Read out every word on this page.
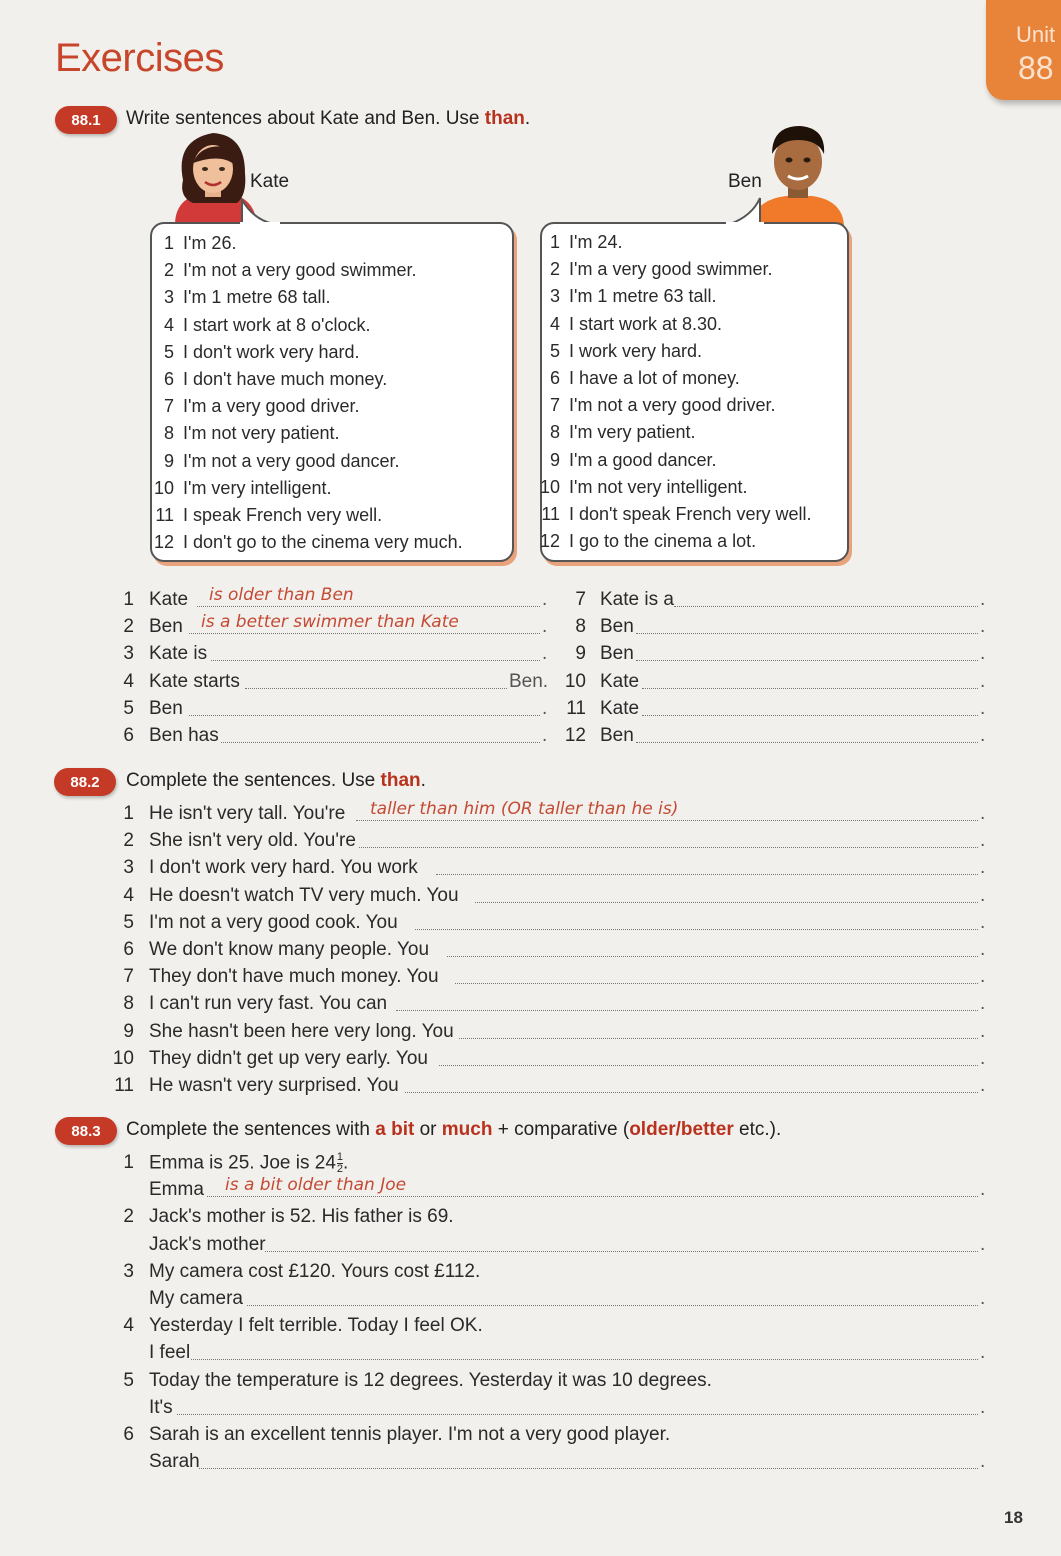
Exercises
Unit
88
88.1	Write sentences about Kate and Ben. Use than.
Kate	Ben
1 I'm 26.
2 I'm not a very good swimmer.
3 I'm 1 metre 68 tall.
4 I start work at 8 o'clock.
5 I don't work very hard.
6 I don't have much money.
7 I'm a very good driver.
8 I'm not very patient.
9 I'm not a very good dancer.
10 I'm very intelligent.
11 I speak French very well.
12 I don't go to the cinema very much.
1 I'm 24.
2 I'm a very good swimmer.
3 I'm 1 metre 63 tall.
4 I start work at 8.30.
5 I work very hard.
6 I have a lot of money.
7 I'm not a very good driver.
8 I'm very patient.
9 I'm a good dancer.
10 I'm not very intelligent.
11 I don't speak French very well.
12 I go to the cinema a lot.
1 Kate is older than Ben	.
2 Ben is a better swimmer than Kate	.
3 Kate is	.
4 Kate starts	Ben.
5 Ben	.
6 Ben has	.
7 Kate is a	.
8 Ben	.
9 Ben	.
10 Kate	.
11 Kate	.
12 Ben	.
88.2	Complete the sentences. Use than.
1 He isn't very tall. You're taller than him (OR taller than he is)	.
2 She isn't very old. You're	.
3 I don't work very hard. You work	.
4 He doesn't watch TV very much. You	.
5 I'm not a very good cook. You	.
6 We don't know many people. You	.
7 They don't have much money. You	.
8 I can't run very fast. You can	.
9 She hasn't been here very long. You	.
10 They didn't get up very early. You	.
11 He wasn't very surprised. You	.
88.3	Complete the sentences with a bit or much + comparative (older/better etc.).
1 Emma is 25. Joe is $24 \frac{1}{2}$ .
Emma is a bit older than Joe	.
2 Jack's mother is 52. His father is 69.
Jack's mother	.
3 My camera cost £120. Yours cost £112.
My camera	.
4 Yesterday I felt terrible. Today I feel OK.
I feel	.
5 Today the temperature is 12 degrees. Yesterday it was 10 degrees.
It's	.
6 Sarah is an excellent tennis player. I'm not a very good player.
Sarah	.
18
